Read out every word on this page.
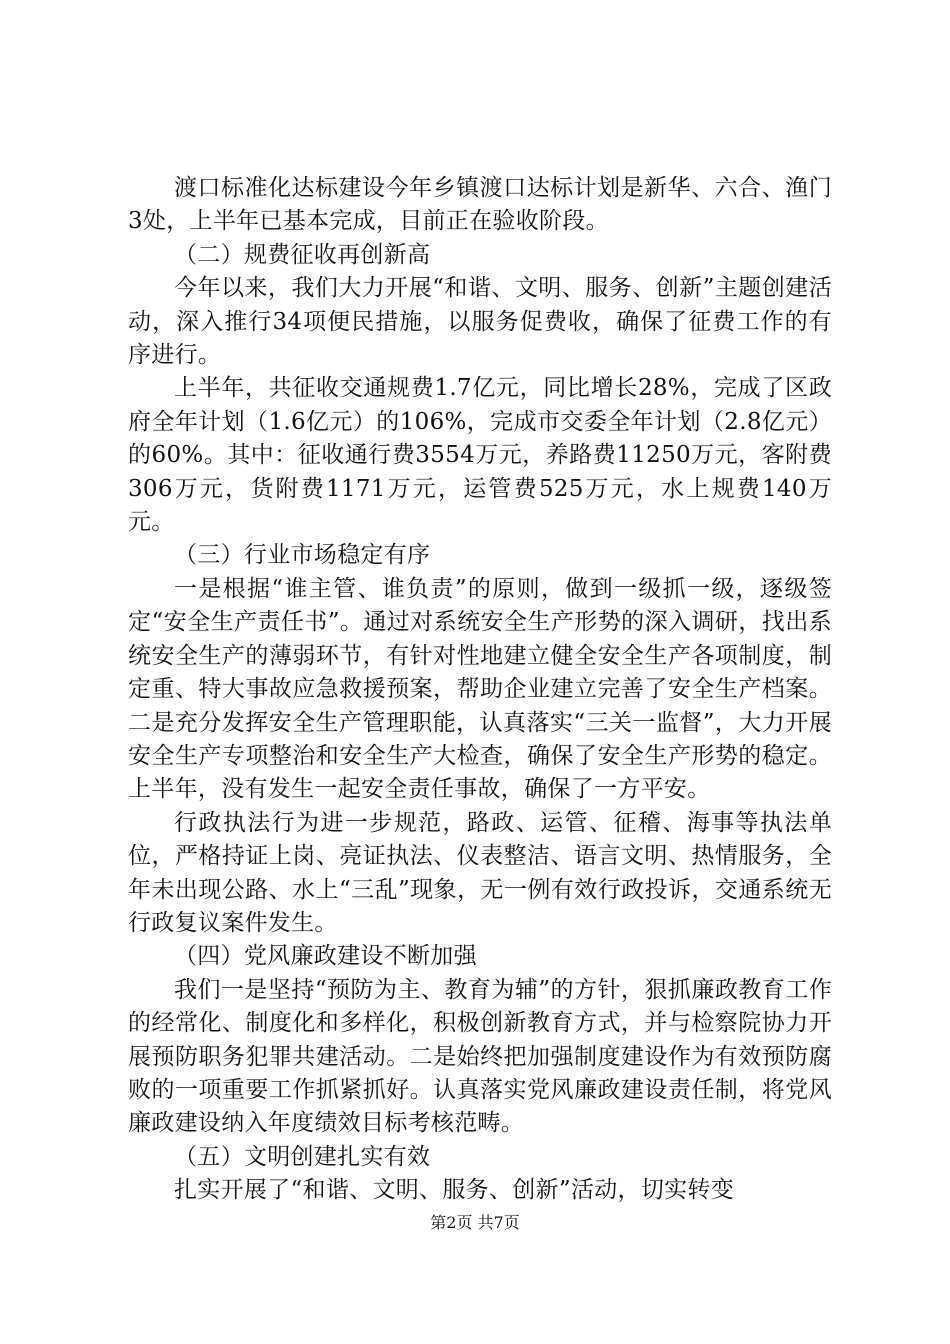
渡口标准化达标建设今年乡镇渡口达标计划是新华、六合、渔门3处，上半年已基本完成，目前正在验收阶段。

（二）规费征收再创新高

今年以来，我们大力开展“和谐、文明、服务、创新”主题创建活动，深入推行34项便民措施，以服务促费收，确保了征费工作的有序进行。

上半年，共征收交通规费1.7亿元，同比增长28%，完成了区政府全年计划（1.6亿元）的106%，完成市交委全年计划（2.8亿元）的60%。其中：征收通行费3554万元，养路费11250万元，客附费306万元，货附费1171万元，运管费525万元，水上规费140万元。

（三）行业市场稳定有序

一是根据“谁主管、谁负责”的原则，做到一级抓一级，逐级签定“安全生产责任书”。通过对系统安全生产形势的深入调研，找出系统安全生产的薄弱环节，有针对性地建立健全安全生产各项制度，制定重、特大事故应急救援预案，帮助企业建立完善了安全生产档案。二是充分发挥安全生产管理职能，认真落实“三关一监督”，大力开展安全生产专项整治和安全生产大检查，确保了安全生产形势的稳定。上半年，没有发生一起安全责任事故，确保了一方平安。

行政执法行为进一步规范，路政、运管、征稽、海事等执法单位，严格持证上岗、亮证执法、仪表整洁、语言文明、热情服务，全年未出现公路、水上“三乱”现象，无一例有效行政投诉，交通系统无行政复议案件发生。

（四）党风廉政建设不断加强

我们一是坚持“预防为主、教育为辅”的方针，狠抓廉政教育工作的经常化、制度化和多样化，积极创新教育方式，并与检察院协力开展预防职务犯罪共建活动。二是始终把加强制度建设作为有效预防腐败的一项重要工作抓紧抓好。认真落实党风廉政建设责任制，将党风廉政建设纳入年度绩效目标考核范畴。

（五）文明创建扎实有效

扎实开展了“和谐、文明、服务、创新”活动，切实转变

第2页 共7页
